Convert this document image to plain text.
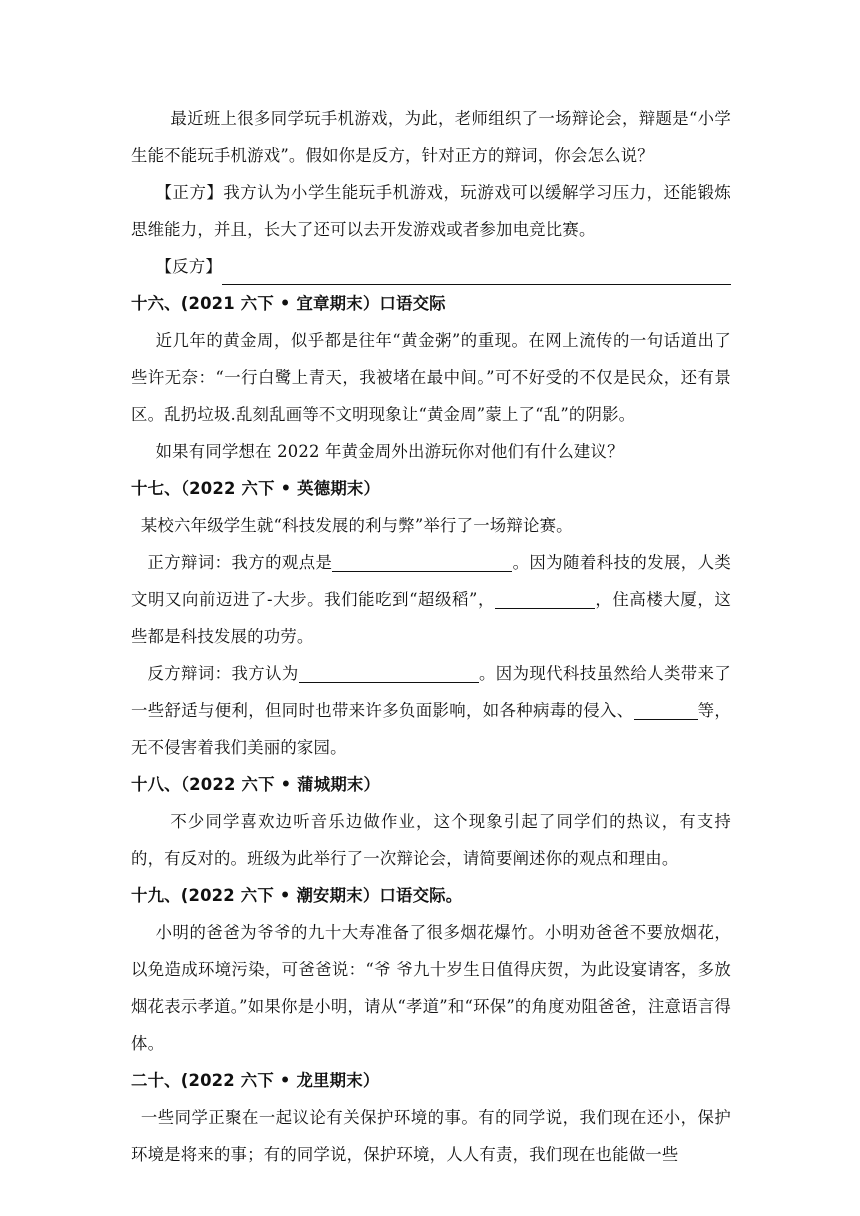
最近班上很多同学玩手机游戏，为此，老师组织了一场辩论会，辩题是“小学生能不能玩手机游戏”。假如你是反方，针对正方的辩词，你会怎么说？

【正方】我方认为小学生能玩手机游戏，玩游戏可以缓解学习压力，还能锻炼思维能力，并且，长大了还可以去开发游戏或者参加电竞比赛。

【反方】

十六、(2021 六下 • 宜章期末）口语交际

近几年的黄金周，似乎都是往年“黄金粥”的重现。在网上流传的一句话道出了些许无奈：“一行白鹭上青天，我被堵在最中间。”可不好受的不仅是民众，还有景区。乱扔垃圾.乱刻乱画等不文明现象让“黄金周”蒙上了“乱”的阴影。

如果有同学想在 2022 年黄金周外出游玩你对他们有什么建议？

十七、（2022 六下 • 英德期末）

某校六年级学生就“科技发展的利与弊”举行了一场辩论赛。

正方辩词：我方的观点是	。因为随着科技的发展，人类文明又向前迈进了-大步。我们能吃到“超级稻”，	，住高楼大厦，这些都是科技发展的功劳。

反方辩词：我方认为	。因为现代科技虽然给人类带来了一些舒适与便利，但同时也带来许多负面影响，如各种病毒的侵入、	等， 无不侵害着我们美丽的家园。

十八、（2022 六下 • 蒲城期末）

不少同学喜欢边听音乐边做作业，这个现象引起了同学们的热议，有支持的，有反对的。班级为此举行了一次辩论会，请简要阐述你的观点和理由。

十九、(2022 六下 • 潮安期末）口语交际。

小明的爸爸为爷爷的九十大寿准备了很多烟花爆竹。小明劝爸爸不要放烟花，以免造成环境污染，可爸爸说：“爷 爷九十岁生日值得庆贺，为此设宴请客，多放烟花表示孝道。”如果你是小明，请从“孝道”和“环保”的角度劝阻爸爸，注意语言得体。

二十、(2022 六下 • 龙里期末）

一些同学正聚在一起议论有关保护环境的事。有的同学说，我们现在还小，保护环境是将来的事；有的同学说，保护环境，人人有责，我们现在也能做一些
